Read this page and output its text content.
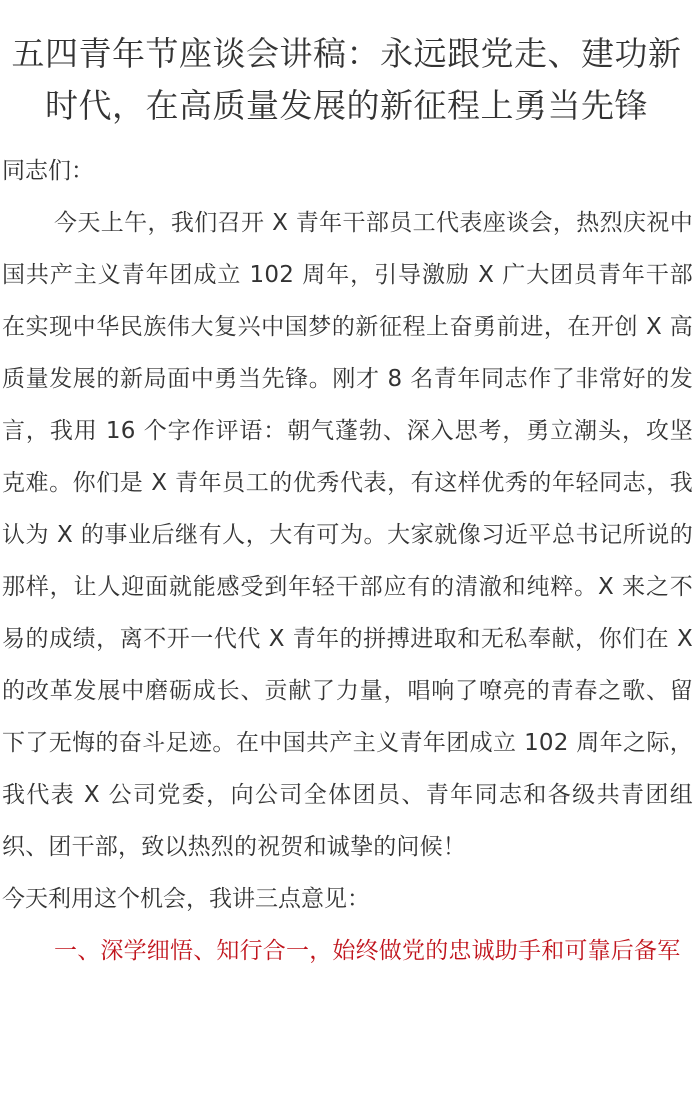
五四青年节座谈会讲稿：永远跟党走、建功新时代，在高质量发展的新征程上勇当先锋

同志们：

今天上午，我们召开 X 青年干部员工代表座谈会，热烈庆祝中国共产主义青年团成立 102 周年，引导激励 X 广大团员青年干部在实现中华民族伟大复兴中国梦的新征程上奋勇前进，在开创 X 高质量发展的新局面中勇当先锋。刚才 8 名青年同志作了非常好的发言，我用 16 个字作评语：朝气蓬勃、深入思考，勇立潮头，攻坚克难。你们是 X 青年员工的优秀代表，有这样优秀的年轻同志，我认为 X 的事业后继有人，大有可为。大家就像习近平总书记所说的那样，让人迎面就能感受到年轻干部应有的清澈和纯粹。X 来之不易的成绩，离不开一代代 X 青年的拼搏进取和无私奉献，你们在 X 的改革发展中磨砺成长、贡献了力量，唱响了嘹亮的青春之歌、留下了无悔的奋斗足迹。在中国共产主义青年团成立 102 周年之际，我代表 X 公司党委，向公司全体团员、青年同志和各级共青团组织、团干部，致以热烈的祝贺和诚挚的问候！

今天利用这个机会，我讲三点意见：

一、深学细悟、知行合一，始终做党的忠诚助手和可靠后备军
